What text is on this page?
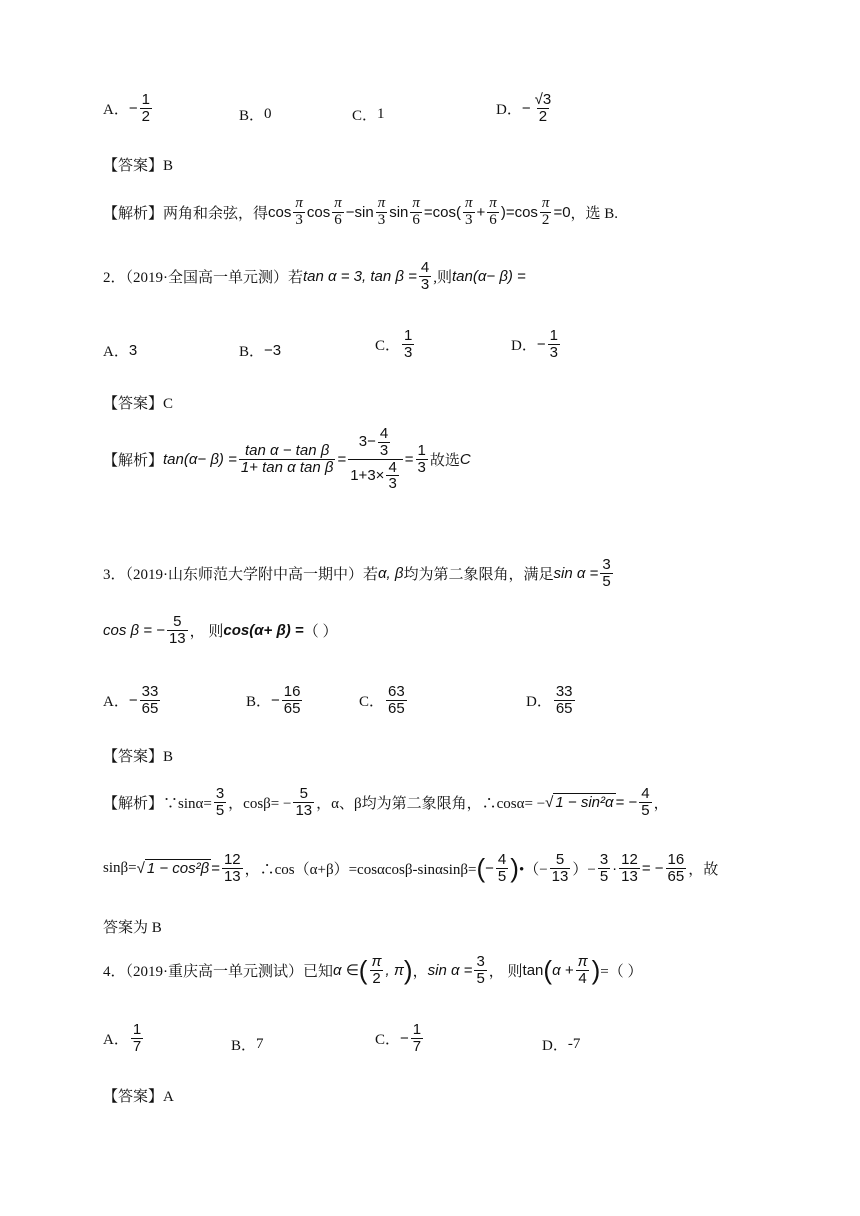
A． − $\frac{1}{2}$	B． 0	C． 1	D． − $\frac{√3}{2}$
【答案】B
【解析】两角和余弦，得 $\cos \frac{\pi}{3}$ $\cos \frac{\pi}{6} - \sin \frac{\pi}{3}$ $\sin \frac{\pi}{6} = \cos$ ( $\frac{\pi}{3} + \frac{\pi}{6}$ ) = $\cos \frac{\pi}{2} = 0$ ，选 B.
2．（2019·全国高一单元测）若 tan α = 3 , $\tan \beta = \frac{4}{3}$ ,则 tan(α− β) =
A． 3	B． −3	C． $\frac{1}{3}$	D． − $\frac{1}{3}$
【答案】C
【解析】 $\tan(\alpha- \beta) = \frac{\text{tan α − tan β}}{\text{1+ tan α tan β}} = \frac{3- \frac{4}{3}}{1+3\times \frac{4}{3}} = \frac{1}{3}$ 故选 C
3．（2019·山东师范大学附中高一期中）若 α, β 均为第二象限角，满足 $\sin \alpha = \frac{3}{5}$
cos β = − $\frac{5}{13}$ ， 则 cos(α+ β) = （ ）
A． − $\frac{33}{65}$	B． − $\frac{16}{65}$	C． $\frac{63}{65}$	D． $\frac{33}{65}$
【答案】B
【解析】∵sinα= $\frac{3}{5}$ ，$\cos\beta= - \frac{5}{13}$ ，α、β均为第二象限角，∴cosα= − √ 1 − sin²α = − $\frac{4}{5}$ ，
sinβ= √ $1 - \cos^2\beta = \frac{12}{13}$ ，∴cos（α+β）=cosαcosβ-sinαsinβ= ( − $\frac{4}{5}$ ) •（− $\frac{5}{13}$ ）− $\frac{3}{5} \cdot \frac{12}{13}$ = − $\frac{16}{65}$ ，故
答案为 B
4．（2019·重庆高一单元测试）已知 α ∈ ( $\frac{\pi}{2}$ , π ) ， $\sin \alpha = \frac{3}{5}$ ， 则 tan ( $\alpha + \frac{\pi}{4}$ ) =（ ）
A． $\frac{1}{7}$	B． 7	C． − $\frac{1}{7}$	D． -7
【答案】A
